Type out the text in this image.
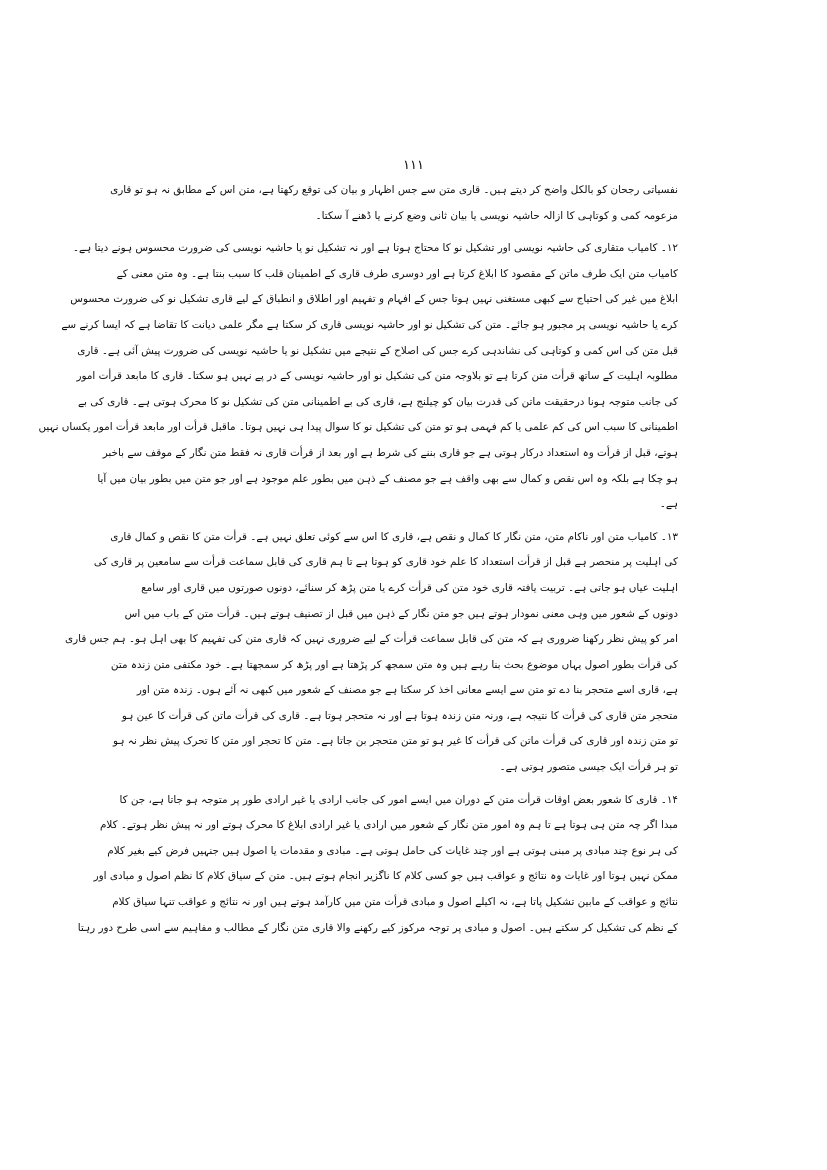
۱۱۱
نفسیاتی رجحان کو بالکل واضح کر دیتے ہیں۔ قاری متن سے جس اظہار و بیان کی توقع رکھتا ہے، متن اس کے مطابق نہ ہو تو قاری
مزعومہ کمی و کوتاہی کا ازالہ حاشیہ نویسی یا بیان ثانی وضع کرنے یا ڈھنے آ سکتا۔
۱۲۔ کامیاب متقاری کی حاشیہ نویسی اور تشکیل نو کا محتاج ہوتا ہے اور نہ تشکیل نو یا حاشیہ نویسی کی ضرورت محسوس ہونے دیتا ہے۔
کامیاب متن ایک طرف ماتن کے مقصود کا ابلاغ کرتا ہے اور دوسری طرف قاری کے اطمینان قلب کا سبب بنتا ہے۔ وہ متن معنی کے
ابلاغ میں غیر کی احتیاج سے کبھی مستغنی نہیں ہوتا جس کے افہام و تفہیم اور اطلاق و انطباق کے لیے قاری تشکیل نو کی ضرورت محسوس
کرے یا حاشیہ نویسی پر مجبور ہو جائے۔ متن کی تشکیل نو اور حاشیہ نویسی قاری کر سکتا ہے مگر علمی دیانت کا تقاضا ہے کہ ایسا کرنے سے
قبل متن کی اس کمی و کوتاہی کی نشاندہی کرے جس کی اصلاح کے نتیجے میں تشکیل نو یا حاشیہ نویسی کی ضرورت پیش آئی ہے۔ قاری
مطلوبہ اہلیت کے ساتھ قرأت متن کرتا ہے تو بلاوجہ متن کی تشکیل نو اور حاشیہ نویسی کے در پے نہیں ہو سکتا۔ قاری کا مابعد قرأت امور
کی جانب متوجہ ہونا درحقیقت ماتن کی قدرت بیان کو چیلنج ہے، قاری کی بے اطمینانی متن کی تشکیل نو کا محرک ہوتی ہے۔ قاری کی بے
اطمینانی کا سبب اس کی کم علمی یا کم فہمی ہو تو متن کی تشکیل نو کا سوال پیدا ہی نہیں ہوتا۔ ماقبل قرأت اور مابعد قرأت امور یکساں نہیں
ہوتے، قبل از قرأت وہ استعداد درکار ہوتی ہے جو قاری بننے کی شرط ہے اور بعد از قرأت قاری نہ فقط متن نگار کے موقف سے باخبر
ہو چکا ہے بلکہ وہ اس نقص و کمال سے بھی واقف ہے جو مصنف کے ذہن میں بطور علم موجود ہے اور جو متن میں بطور بیان میں آیا
ہے۔
۱۳۔ کامیاب متن اور ناکام متن، متن نگار کا کمال و نقص ہے، قاری کا اس سے کوئی تعلق نہیں ہے۔ قرأت متن کا نقص و کمال قاری
کی اہلیت پر منحصر ہے قبل از قرأت استعداد کا علم خود قاری کو ہوتا ہے تا ہم قاری کی قابل سماعت قرأت سے سامعین پر قاری کی
اہلیت عیاں ہو جاتی ہے۔ تربیت یافتہ قاری خود متن کی قرأت کرے یا متن پڑھ کر سنائے، دونوں صورتوں میں قاری اور سامع
دونوں کے شعور میں وہی معنی نمودار ہوتے ہیں جو متن نگار کے ذہن میں قبل از تصنیف ہوتے ہیں۔ قرأت متن کے باب میں اس
امر کو پیش نظر رکھنا ضروری ہے کہ متن کی قابل سماعت قرأت کے لیے ضروری نہیں کہ قاری متن کی تفہیم کا بھی اہل ہو۔ ہم جس قاری
کی قرأت بطور اصول یہاں موضوع بحث بنا رہے ہیں وہ متن سمجھ کر پڑھتا ہے اور پڑھ کر سمجھتا ہے۔ خود مکتفی متن زندہ متن
ہے، قاری اسے متحجر بنا دے تو متن سے ایسے معانی اخذ کر سکتا ہے جو مصنف کے شعور میں کبھی نہ آئے ہوں۔ زندہ متن اور
متحجر متن قاری کی قرأت کا نتیجہ ہے، ورنہ متن زندہ ہوتا ہے اور نہ متحجر ہوتا ہے۔ قاری کی قرأت ماتن کی قرأت کا عین ہو
تو متن زندہ اور قاری کی قرأت ماتن کی قرأت کا غیر ہو تو متن متحجر بن جاتا ہے۔ متن کا تحجر اور متن کا تحرک پیش نظر نہ ہو
تو ہر قرأت ایک جیسی متصور ہوتی ہے۔
۱۴۔ قاری کا شعور بعض اوقات قرأت متن کے دوران میں ایسے امور کی جانب ارادی یا غیر ارادی طور پر متوجہ ہو جاتا ہے، جن کا
مبدا اگر چہ متن ہی ہوتا ہے تا ہم وہ امور متن نگار کے شعور میں ارادی یا غیر ارادی ابلاغ کا محرک ہوتے اور نہ پیش نظر ہوتے۔ کلام
کی ہر نوع چند مبادی پر مبنی ہوتی ہے اور چند غایات کی حامل ہوتی ہے۔ مبادی و مقدمات یا اصول ہیں جنہیں فرض کیے بغیر کلام
ممکن نہیں ہوتا اور غایات وہ نتائج و عواقب ہیں جو کسی کلام کا ناگزیر انجام ہوتے ہیں۔ متن کے سیاق کلام کا نظم اصول و مبادی اور
نتائج و عواقب کے مابین تشکیل پاتا ہے، نہ اکیلے اصول و مبادی قرأت متن میں کارآمد ہوتے ہیں اور نہ نتائج و عواقب تنہا سیاق کلام
کے نظم کی تشکیل کر سکتے ہیں۔ اصول و مبادی پر توجہ مرکوز کیے رکھنے والا قاری متن نگار کے مطالب و مفاہیم سے اسی طرح دور رہتا
